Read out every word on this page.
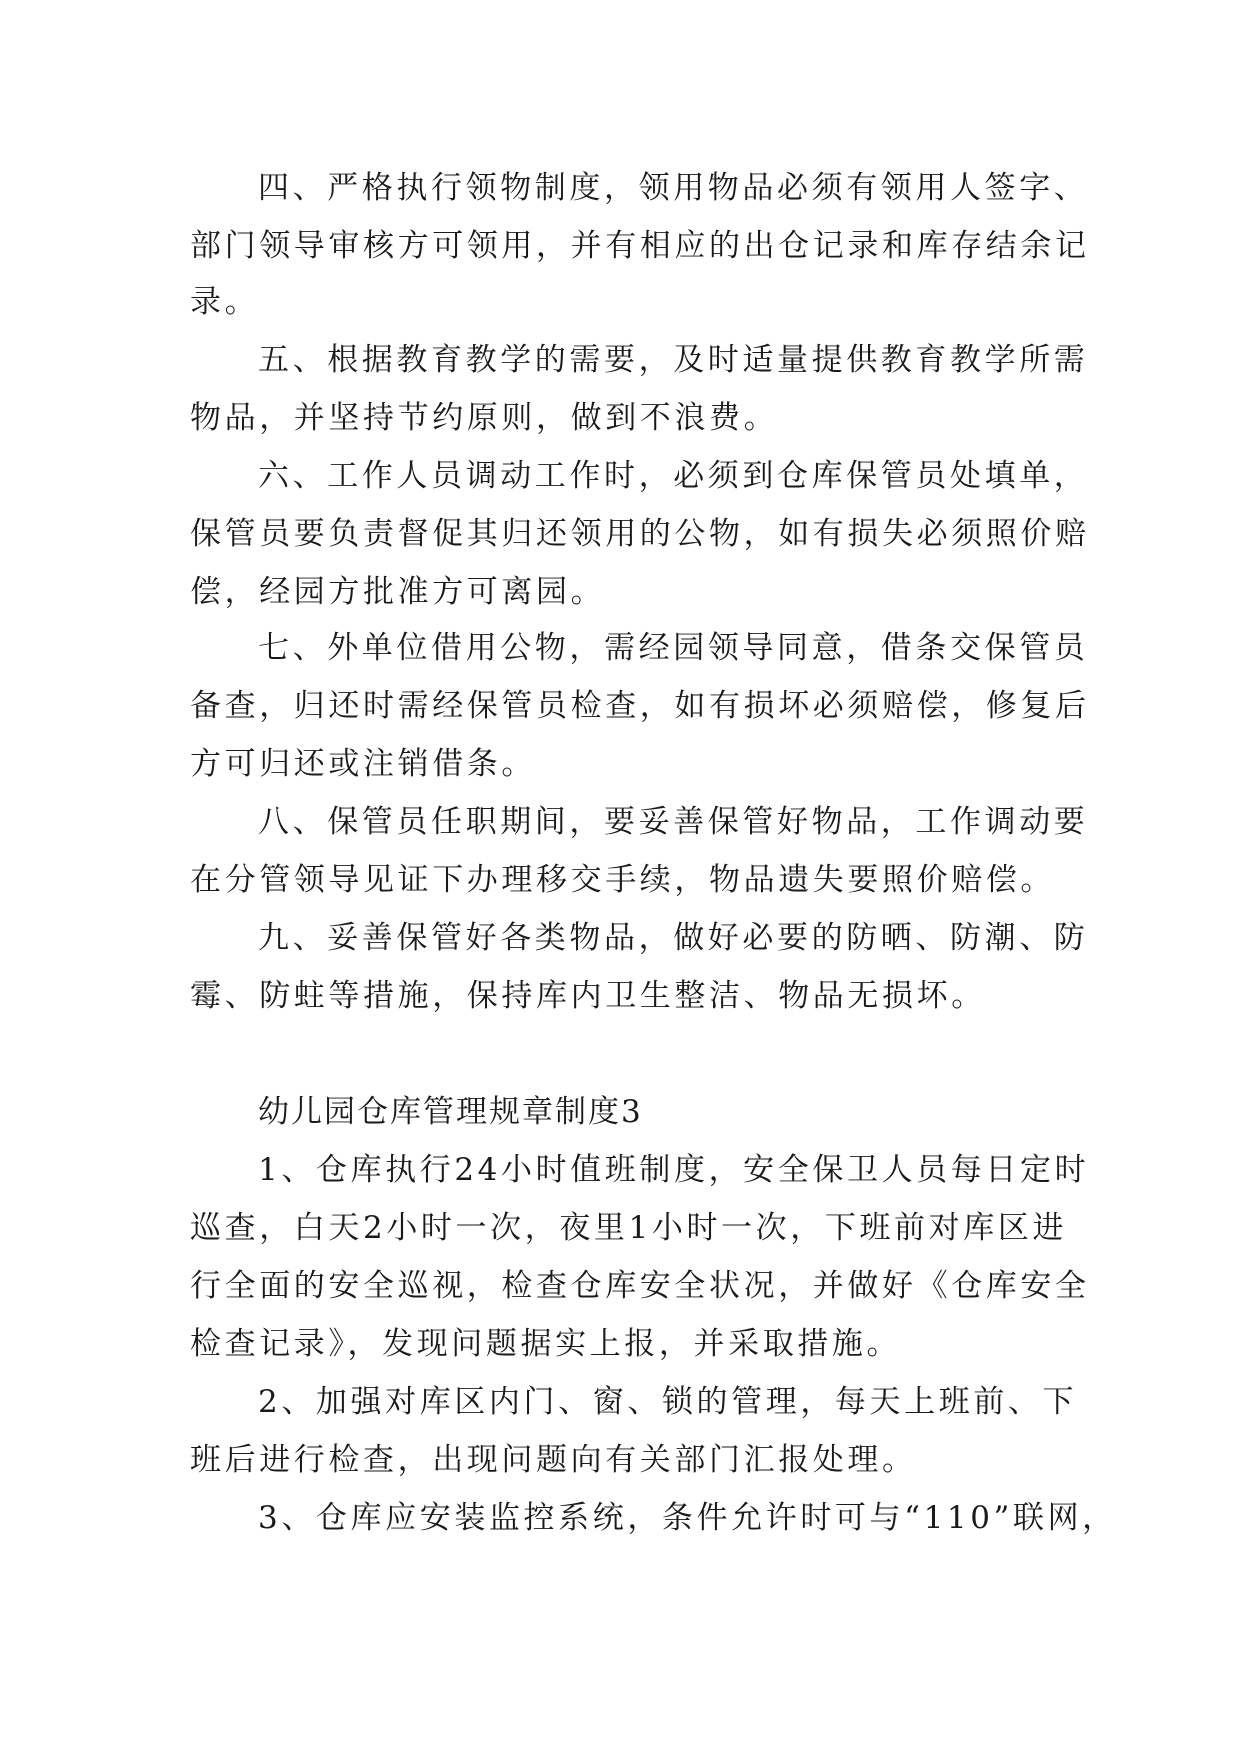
四、严格执行领物制度，领用物品必须有领用人签字、
部门领导审核方可领用，并有相应的出仓记录和库存结余记
录。
五、根据教育教学的需要，及时适量提供教育教学所需
物品，并坚持节约原则，做到不浪费。
六、工作人员调动工作时，必须到仓库保管员处填单，
保管员要负责督促其归还领用的公物，如有损失必须照价赔
偿，经园方批准方可离园。
七、外单位借用公物，需经园领导同意，借条交保管员
备查，归还时需经保管员检查，如有损坏必须赔偿，修复后
方可归还或注销借条。
八、保管员任职期间，要妥善保管好物品，工作调动要
在分管领导见证下办理移交手续，物品遗失要照价赔偿。
九、妥善保管好各类物品，做好必要的防晒、防潮、防
霉、防蛀等措施，保持库内卫生整洁、物品无损坏。
幼儿园仓库管理规章制度3
1、仓库执行24小时值班制度，安全保卫人员每日定时
巡查，白天2小时一次，夜里1小时一次，下班前对库区进
行全面的安全巡视，检查仓库安全状况，并做好《仓库安全
检查记录》，发现问题据实上报，并采取措施。
2、加强对库区内门、窗、锁的管理，每天上班前、下
班后进行检查，出现问题向有关部门汇报处理。
3、仓库应安装监控系统，条件允许时可与“110”联网，
